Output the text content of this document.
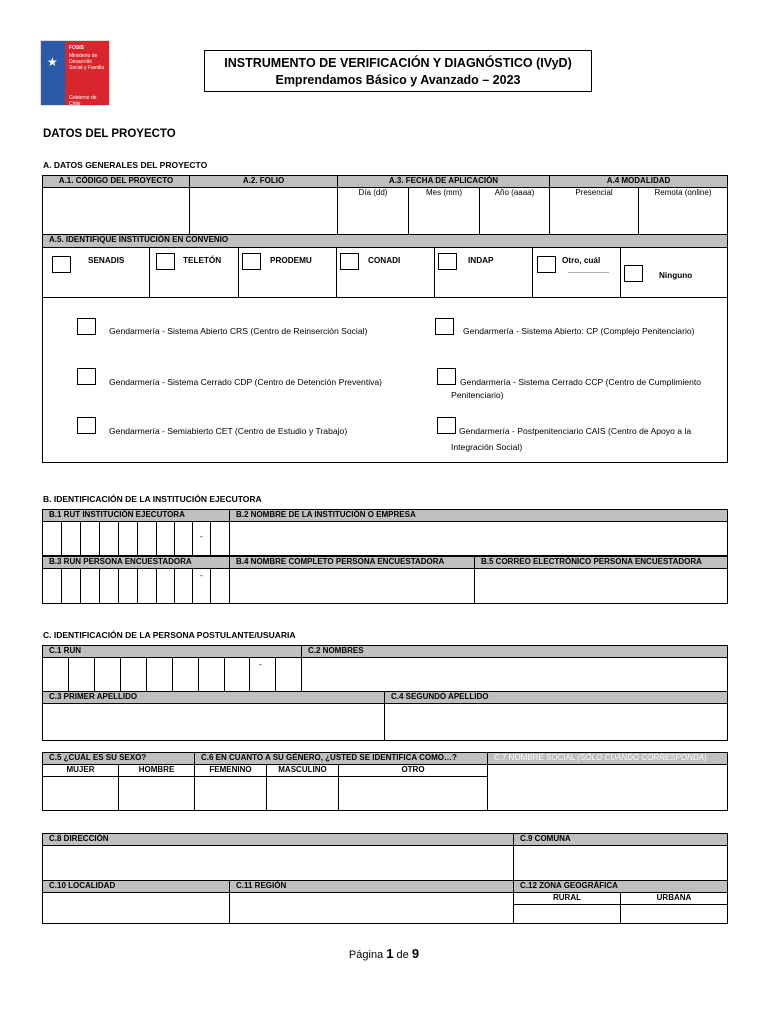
★
FOSIS
Ministerio de Desarrollo Social y Familia
Gobierno de Chile
INSTRUMENTO DE VERIFICACIÓN Y DIAGNÓSTICO (IVyD)
Emprendamos Básico y Avanzado – 2023
DATOS DEL PROYECTO
A. DATOS GENERALES DEL PROYECTO
A.1. CÓDIGO DEL PROYECTO	A.2. FOLIO	A.3. FECHA DE APLICACIÓN	A.4 MODALIDAD
Día (dd)	Mes (mm)	Año (aaaa)	Presencial	Remota (online)
A.5. IDENTIFIQUE INSTITUCIÓN EN CONVENIO
SENADIS	TELETÓN	PRODEMU	CONADI	INDAP	Otro, cuál
_________
Ninguno
Gendarmería - Sistema Abierto CRS (Centro de Reinserción Social)	Gendarmería - Sistema Abierto: CP (Complejo Penitenciario)
Gendarmería - Sistema Cerrado CDP (Centro de Detención Preventiva)	Gendarmería - Sistema Cerrado CCP (Centro de Cumplimiento
Penitenciario)
Gendarmería - Semiabierto CET (Centro de Estudio y Trabajo)	Gendarmería - Postpenitenciario CAIS (Centro de Apoyo a la
Integración Social)
B. IDENTIFICACIÓN DE LA INSTITUCIÓN EJECUTORA
B.1 RUT INSTITUCIÓN EJECUTORA	B.2 NOMBRE DE LA INSTITUCIÓN O EMPRESA
-
B.3 RUN PERSONA ENCUESTADORA	B.4 NOMBRE COMPLETO PERSONA ENCUESTADORA	B.5 CORREO ELECTRÓNICO PERSONA ENCUESTADORA
-
C. IDENTIFICACIÓN DE LA PERSONA POSTULANTE/USUARIA
C.1 RUN	C.2 NOMBRES
-
C.3 PRIMER APELLIDO	C.4 SEGUNDO APELLIDO
C.5 ¿CUÁL ES SU SEXO?	C.6 EN CUANTO A SU GÉNERO, ¿USTED SE IDENTIFICA COMO…?	C.7 NOMBRE SOCIAL (SÓLO CUANDO CORRESPONDA)
MUJER	HOMBRE	FEMENINO	MASCULINO	OTRO
C.8 DIRECCIÓN	C.9 COMUNA
C.10 LOCALIDAD	C.11 REGIÓN	C.12 ZONA GEOGRÁFICA
RURAL	URBANA
Página 1 de 9
